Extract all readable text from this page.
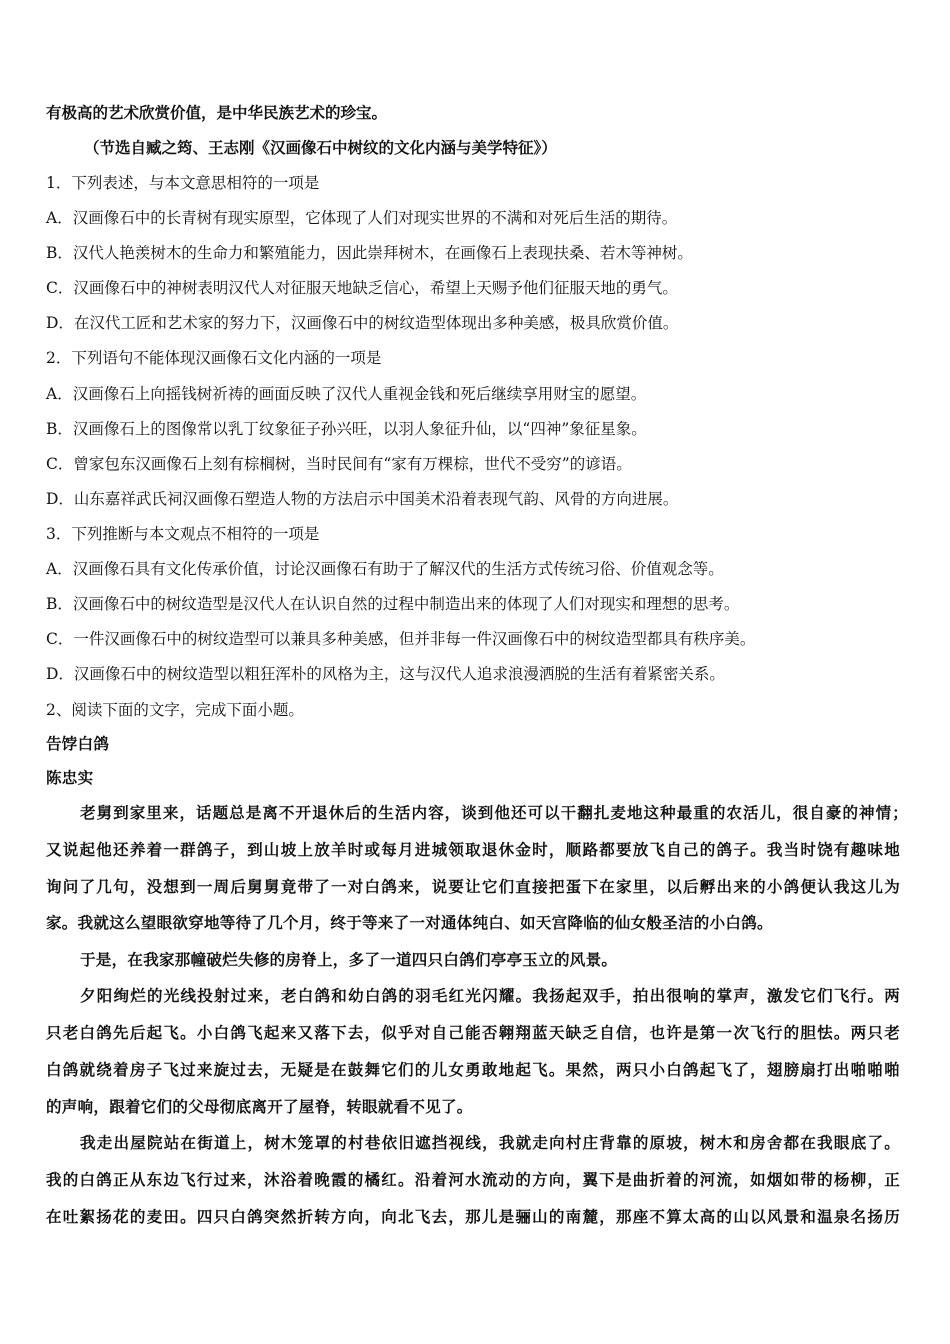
有极高的艺术欣赏价值，是中华民族艺术的珍宝。
（节选自臧之筠、王志刚《汉画像石中树纹的文化内涵与美学特征》）
1．下列表述，与本文意思相符的一项是
A．汉画像石中的长青树有现实原型，它体现了人们对现实世界的不满和对死后生活的期待。
B．汉代人艳羡树木的生命力和繁殖能力，因此崇拜树木，在画像石上表现扶桑、若木等神树。
C．汉画像石中的神树表明汉代人对征服天地缺乏信心，希望上天赐予他们征服天地的勇气。
D．在汉代工匠和艺术家的努力下，汉画像石中的树纹造型体现出多种美感，极具欣赏价值。
2．下列语句不能体现汉画像石文化内涵的一项是
A．汉画像石上向摇钱树祈祷的画面反映了汉代人重视金钱和死后继续享用财宝的愿望。
B．汉画像石上的图像常以乳丁纹象征子孙兴旺，以羽人象征升仙，以“四神”象征星象。
C．曾家包东汉画像石上刻有棕榈树，当时民间有“家有万棵棕，世代不受穷”的谚语。
D．山东嘉祥武氏祠汉画像石塑造人物的方法启示中国美术沿着表现气韵、风骨的方向进展。
3．下列推断与本文观点不相符的一项是
A．汉画像石具有文化传承价值，讨论汉画像石有助于了解汉代的生活方式传统习俗、价值观念等。
B．汉画像石中的树纹造型是汉代人在认识自然的过程中制造出来的体现了人们对现实和理想的思考。
C．一件汉画像石中的树纹造型可以兼具多种美感，但并非每一件汉画像石中的树纹造型都具有秩序美。
D．汉画像石中的树纹造型以粗狂浑朴的风格为主，这与汉代人追求浪漫洒脱的生活有着紧密关系。
2、阅读下面的文字，完成下面小题。
告饽白鸽
陈忠实
老舅到家里来，话题总是离不开退休后的生活内容，谈到他还可以干翻扎麦地这种最重的农活儿，很自豪的神情；
又说起他还养着一群鸽子，到山坡上放羊时或每月进城领取退休金时，顺路都要放飞自己的鸽子。我当时饶有趣味地
询问了几句，没想到一周后舅舅竟带了一对白鸽来，说要让它们直接把蛋下在家里，以后孵出来的小鸽便认我这儿为
家。我就这么望眼欲穿地等待了几个月，终于等来了一对通体纯白、如天宫降临的仙女般圣洁的小白鸽。
于是，在我家那幢破烂失修的房脊上，多了一道四只白鸽们亭亭玉立的风景。
夕阳绚烂的光线投射过来，老白鸽和幼白鸽的羽毛红光闪耀。我扬起双手，拍出很响的掌声，激发它们飞行。两
只老白鸽先后起飞。小白鸽飞起来又落下去，似乎对自己能否翱翔蓝天缺乏自信，也许是第一次飞行的胆怯。两只老
白鸽就绕着房子飞过来旋过去，无疑是在鼓舞它们的儿女勇敢地起飞。果然，两只小白鸽起飞了，翅膀扇打出啪啪啪
的声响，跟着它们的父母彻底离开了屋脊，转眼就看不见了。
我走出屋院站在街道上，树木笼罩的村巷依旧遮挡视线，我就走向村庄背靠的原坡，树木和房舍都在我眼底了。
我的白鸽正从东边飞行过来，沐浴着晚霞的橘红。沿着河水流动的方向，翼下是曲折着的河流，如烟如带的杨柳，正
在吐絮扬花的麦田。四只白鸽突然折转方向，向北飞去，那儿是骊山的南麓，那座不算太高的山以风景和温泉名扬历
